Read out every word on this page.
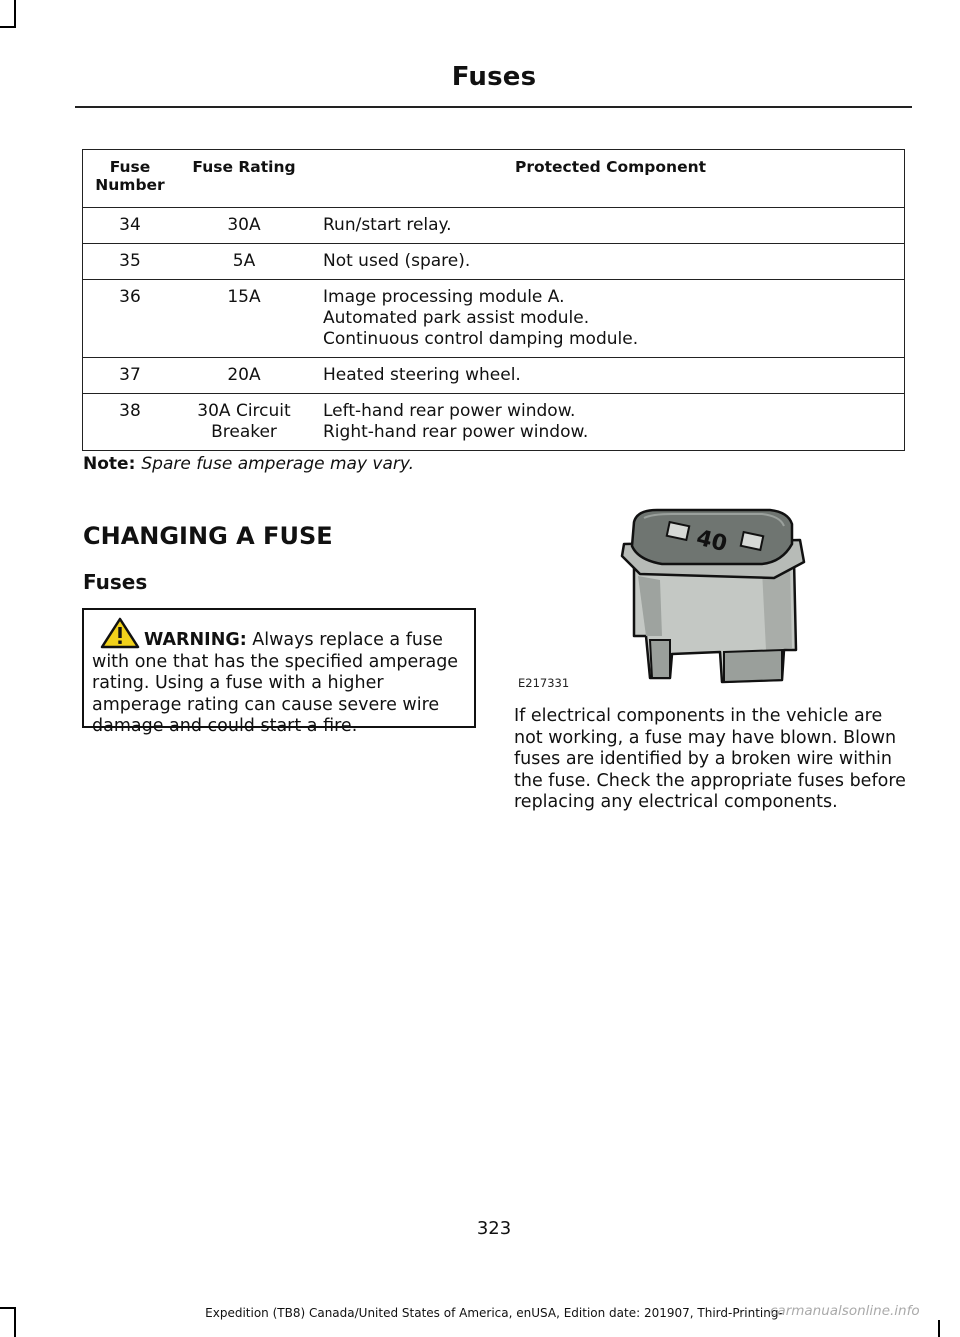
Fuses
Fuse Number	Fuse Rating	Protected Component
34	30A	Run/start relay.

35	5A	Not used (spare).

36	15A	Image processing module A.
Automated park assist module.
Continuous control damping module.

37	20A	Heated steering wheel.

38	30A Circuit Breaker	Left-hand rear power window.
Right-hand rear power window.
Note: Spare fuse amperage may vary.
CHANGING A FUSE
Fuses
WARNING: Always replace a fuse with one that has the specified amperage rating. Using a fuse with a higher amperage rating can cause severe wire damage and could start a fire.
40
E217331
If electrical components in the vehicle are not working, a fuse may have blown. Blown fuses are identified by a broken wire within the fuse. Check the appropriate fuses before replacing any electrical components.
323
Expedition (TB8) Canada/United States of America, enUSA, Edition date: 201907, Third-Printing-
carmanualsonline.info
